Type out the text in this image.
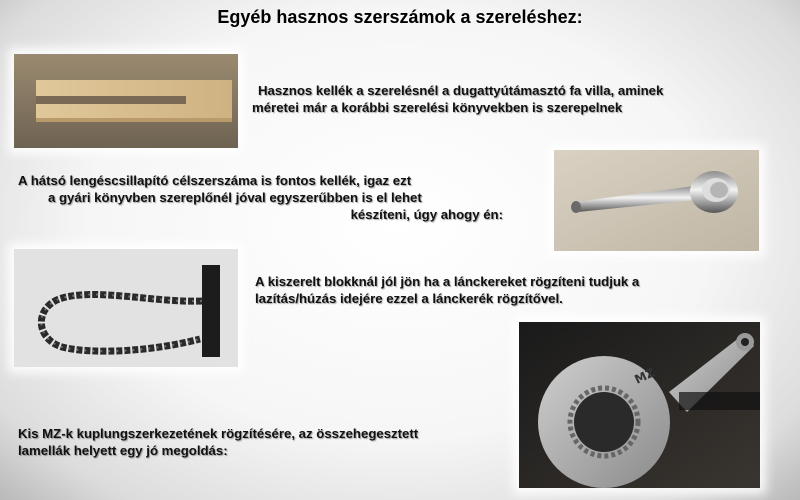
Egyéb hasznos szerszámok a szereléshez:
Hasznos kellék a szerelésnél a dugattyútámasztó fa villa, aminek
méretei már a korábbi szerelési könyvekben is szerepelnek
A hátsó lengéscsillapító célszerszáma is fontos kellék, igaz ezt
a gyári könyvben szereplőnél jóval egyszerűbben is el lehet
készíteni, úgy ahogy én:
A kiszerelt blokknál jól jön ha a lánckereket rögzíteni tudjuk a
lazítás/húzás idejére ezzel a lánckerék rögzítővel.
MZ
Kis MZ-k kuplungszerkezetének rögzítésére, az összehegesztett
lamellák helyett egy jó megoldás:
